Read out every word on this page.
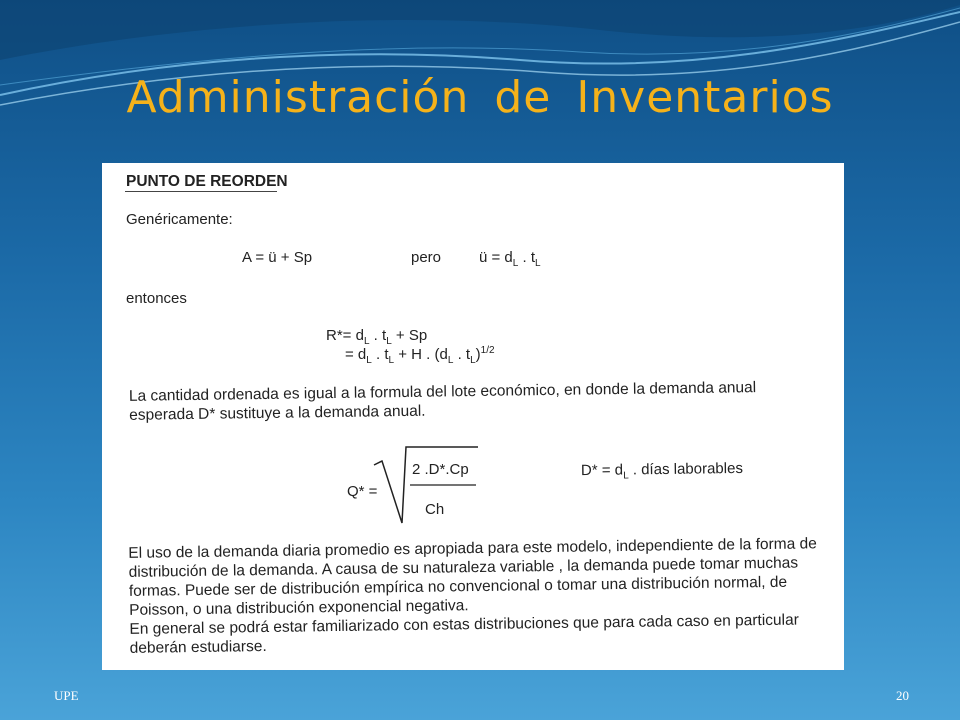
Administración de Inventarios
PUNTO DE REORDEN
Genéricamente:
A = ü + Sp	pero	ü = $d_L$ . $t_L$
entonces
$R*= d_L$ . $t_L + Sp$
= $d_L$ . $t_L + H$ . ($d_L$ . $t_L)^{1/2}$
La cantidad ordenada es igual a la formula del lote económico, en donde la demanda anual esperada D* sustituye a la demanda anual.
Q* =
2 .D*.Cp
Ch
$D* = d_L$ . días laborables
El uso de la demanda diaria promedio es apropiada para este modelo, independiente de la forma de distribución de la demanda. A causa de su naturaleza variable , la demanda puede tomar muchas formas. Puede ser de distribución empírica no convencional o tomar una distribución normal, de Poisson, o una distribución exponencial negativa.
En general se podrá estar familiarizado con estas distribuciones que para cada caso en particular deberán estudiarse.
UPE	20
